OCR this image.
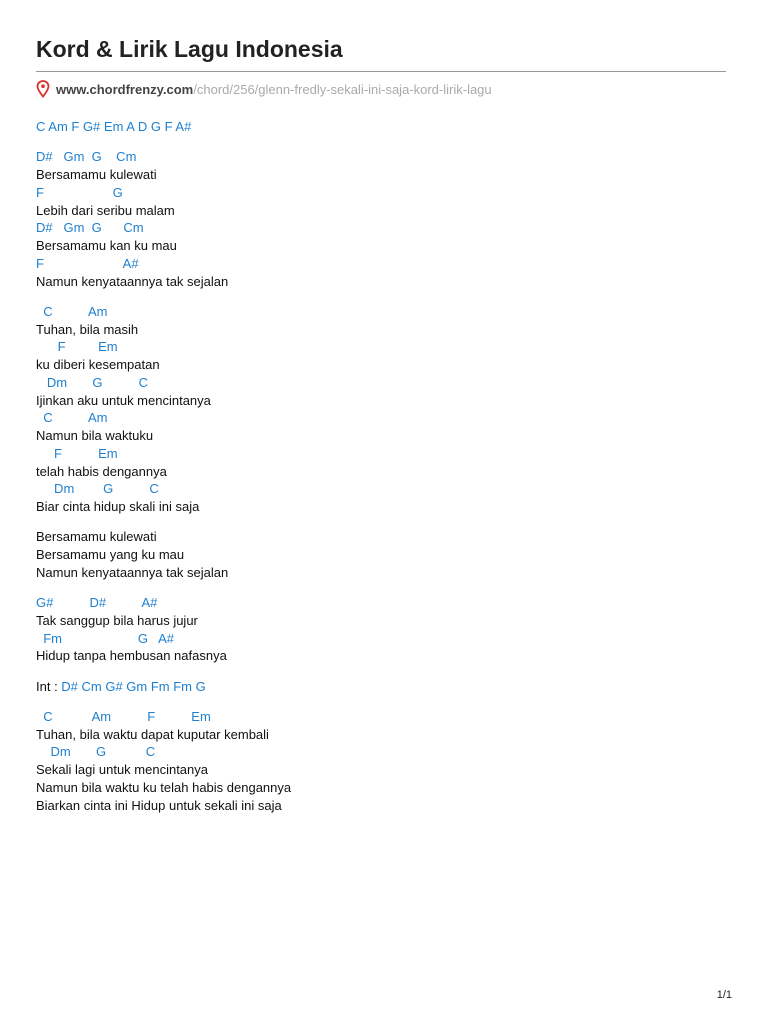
Kord & Lirik Lagu Indonesia
www.chordfrenzy.com /chord/256/glenn-fredly-sekali-ini-saja-kord-lirik-lagu
C Am F G# Em A D G F A#
D#   Gm  G    Cm
Bersamamu kulewati
F                   G
Lebih dari seribu malam
D#   Gm  G      Cm
Bersamamu kan ku mau
F                      A#
Namun kenyataannya tak sejalan
C          Am
Tuhan, bila masih
F         Em
ku diberi kesempatan
Dm       G          C
Ijinkan aku untuk mencintanya
C          Am
Namun bila waktuku
F          Em
telah habis dengannya
Dm        G          C
Biar cinta hidup skali ini saja
Bersamamu kulewati
Bersamamu yang ku mau
Namun kenyataannya tak sejalan
G#          D#          A#
Tak sanggup bila harus jujur
Fm                     G   A#
Hidup tanpa hembusan nafasnya
Int : D# Cm G# Gm Fm Fm G
C           Am          F          Em
Tuhan, bila waktu dapat kuputar kembali
Dm       G           C
Sekali lagi untuk mencintanya
Namun bila waktu ku telah habis dengannya
Biarkan cinta ini Hidup untuk sekali ini saja
1/1
